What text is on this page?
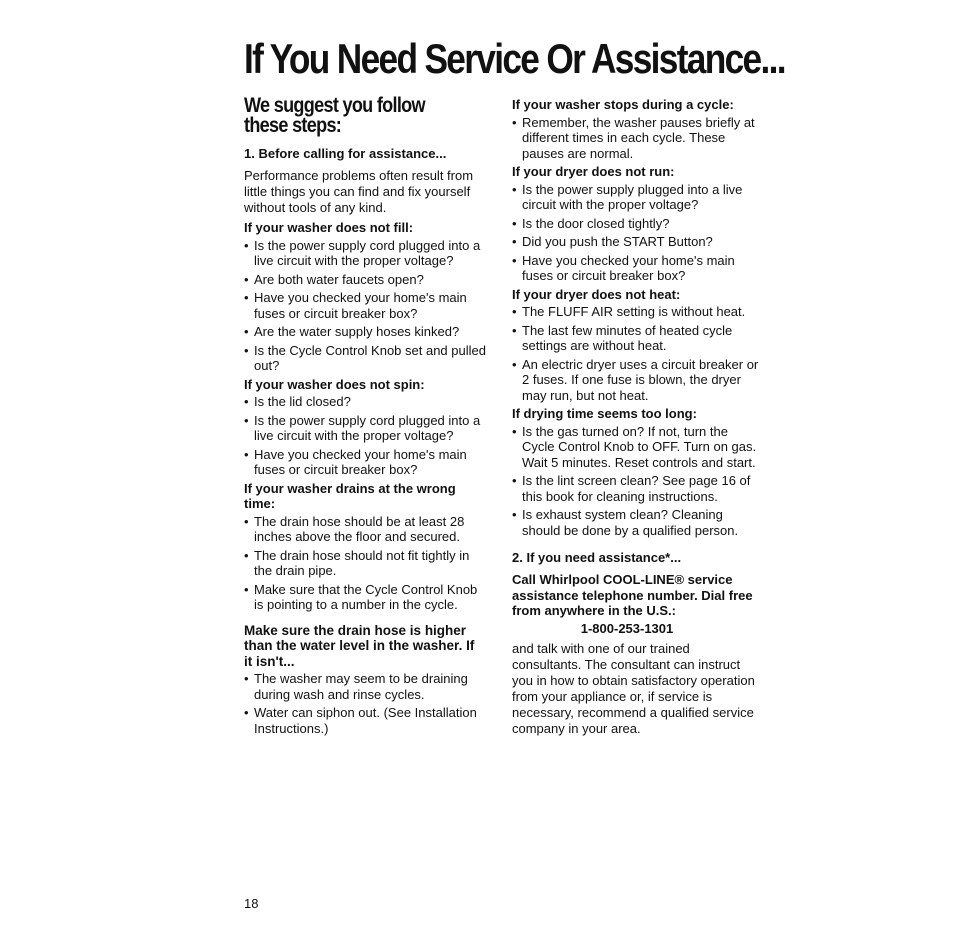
If You Need Service Or Assistance...
We suggest you follow these steps:
1. Before calling for assistance...
Performance problems often result from little things you can find and fix yourself without tools of any kind.
If your washer does not fill:
• Is the power supply cord plugged into a live circuit with the proper voltage?
• Are both water faucets open?
• Have you checked your home's main fuses or circuit breaker box?
• Are the water supply hoses kinked?
• Is the Cycle Control Knob set and pulled out?
If your washer does not spin:
• Is the lid closed?
• Is the power supply cord plugged into a live circuit with the proper voltage?
• Have you checked your home's main fuses or circuit breaker box?
If your washer drains at the wrong time:
• The drain hose should be at least 28 inches above the floor and secured.
• The drain hose should not fit tightly in the drain pipe.
• Make sure that the Cycle Control Knob is pointing to a number in the cycle.
Make sure the drain hose is higher than the water level in the washer. If it isn't...
• The washer may seem to be draining during wash and rinse cycles.
• Water can siphon out. (See Installation Instructions.)
If your washer stops during a cycle:
• Remember, the washer pauses briefly at different times in each cycle. These pauses are normal.
If your dryer does not run:
• Is the power supply plugged into a live circuit with the proper voltage?
• Is the door closed tightly?
• Did you push the START Button?
• Have you checked your home's main fuses or circuit breaker box?
If your dryer does not heat:
• The FLUFF AIR setting is without heat.
• The last few minutes of heated cycle settings are without heat.
• An electric dryer uses a circuit breaker or 2 fuses. If one fuse is blown, the dryer may run, but not heat.
If drying time seems too long:
• Is the gas turned on? If not, turn the Cycle Control Knob to OFF. Turn on gas. Wait 5 minutes. Reset controls and start.
• Is the lint screen clean? See page 16 of this book for cleaning instructions.
• Is exhaust system clean? Cleaning should be done by a qualified person.
2. If you need assistance*...
Call Whirlpool COOL-LINE® service assistance telephone number. Dial free from anywhere in the U.S.:
1-800-253-1301
and talk with one of our trained consultants. The consultant can instruct you in how to obtain satisfactory operation from your appliance or, if service is necessary, recommend a qualified service company in your area.
18
